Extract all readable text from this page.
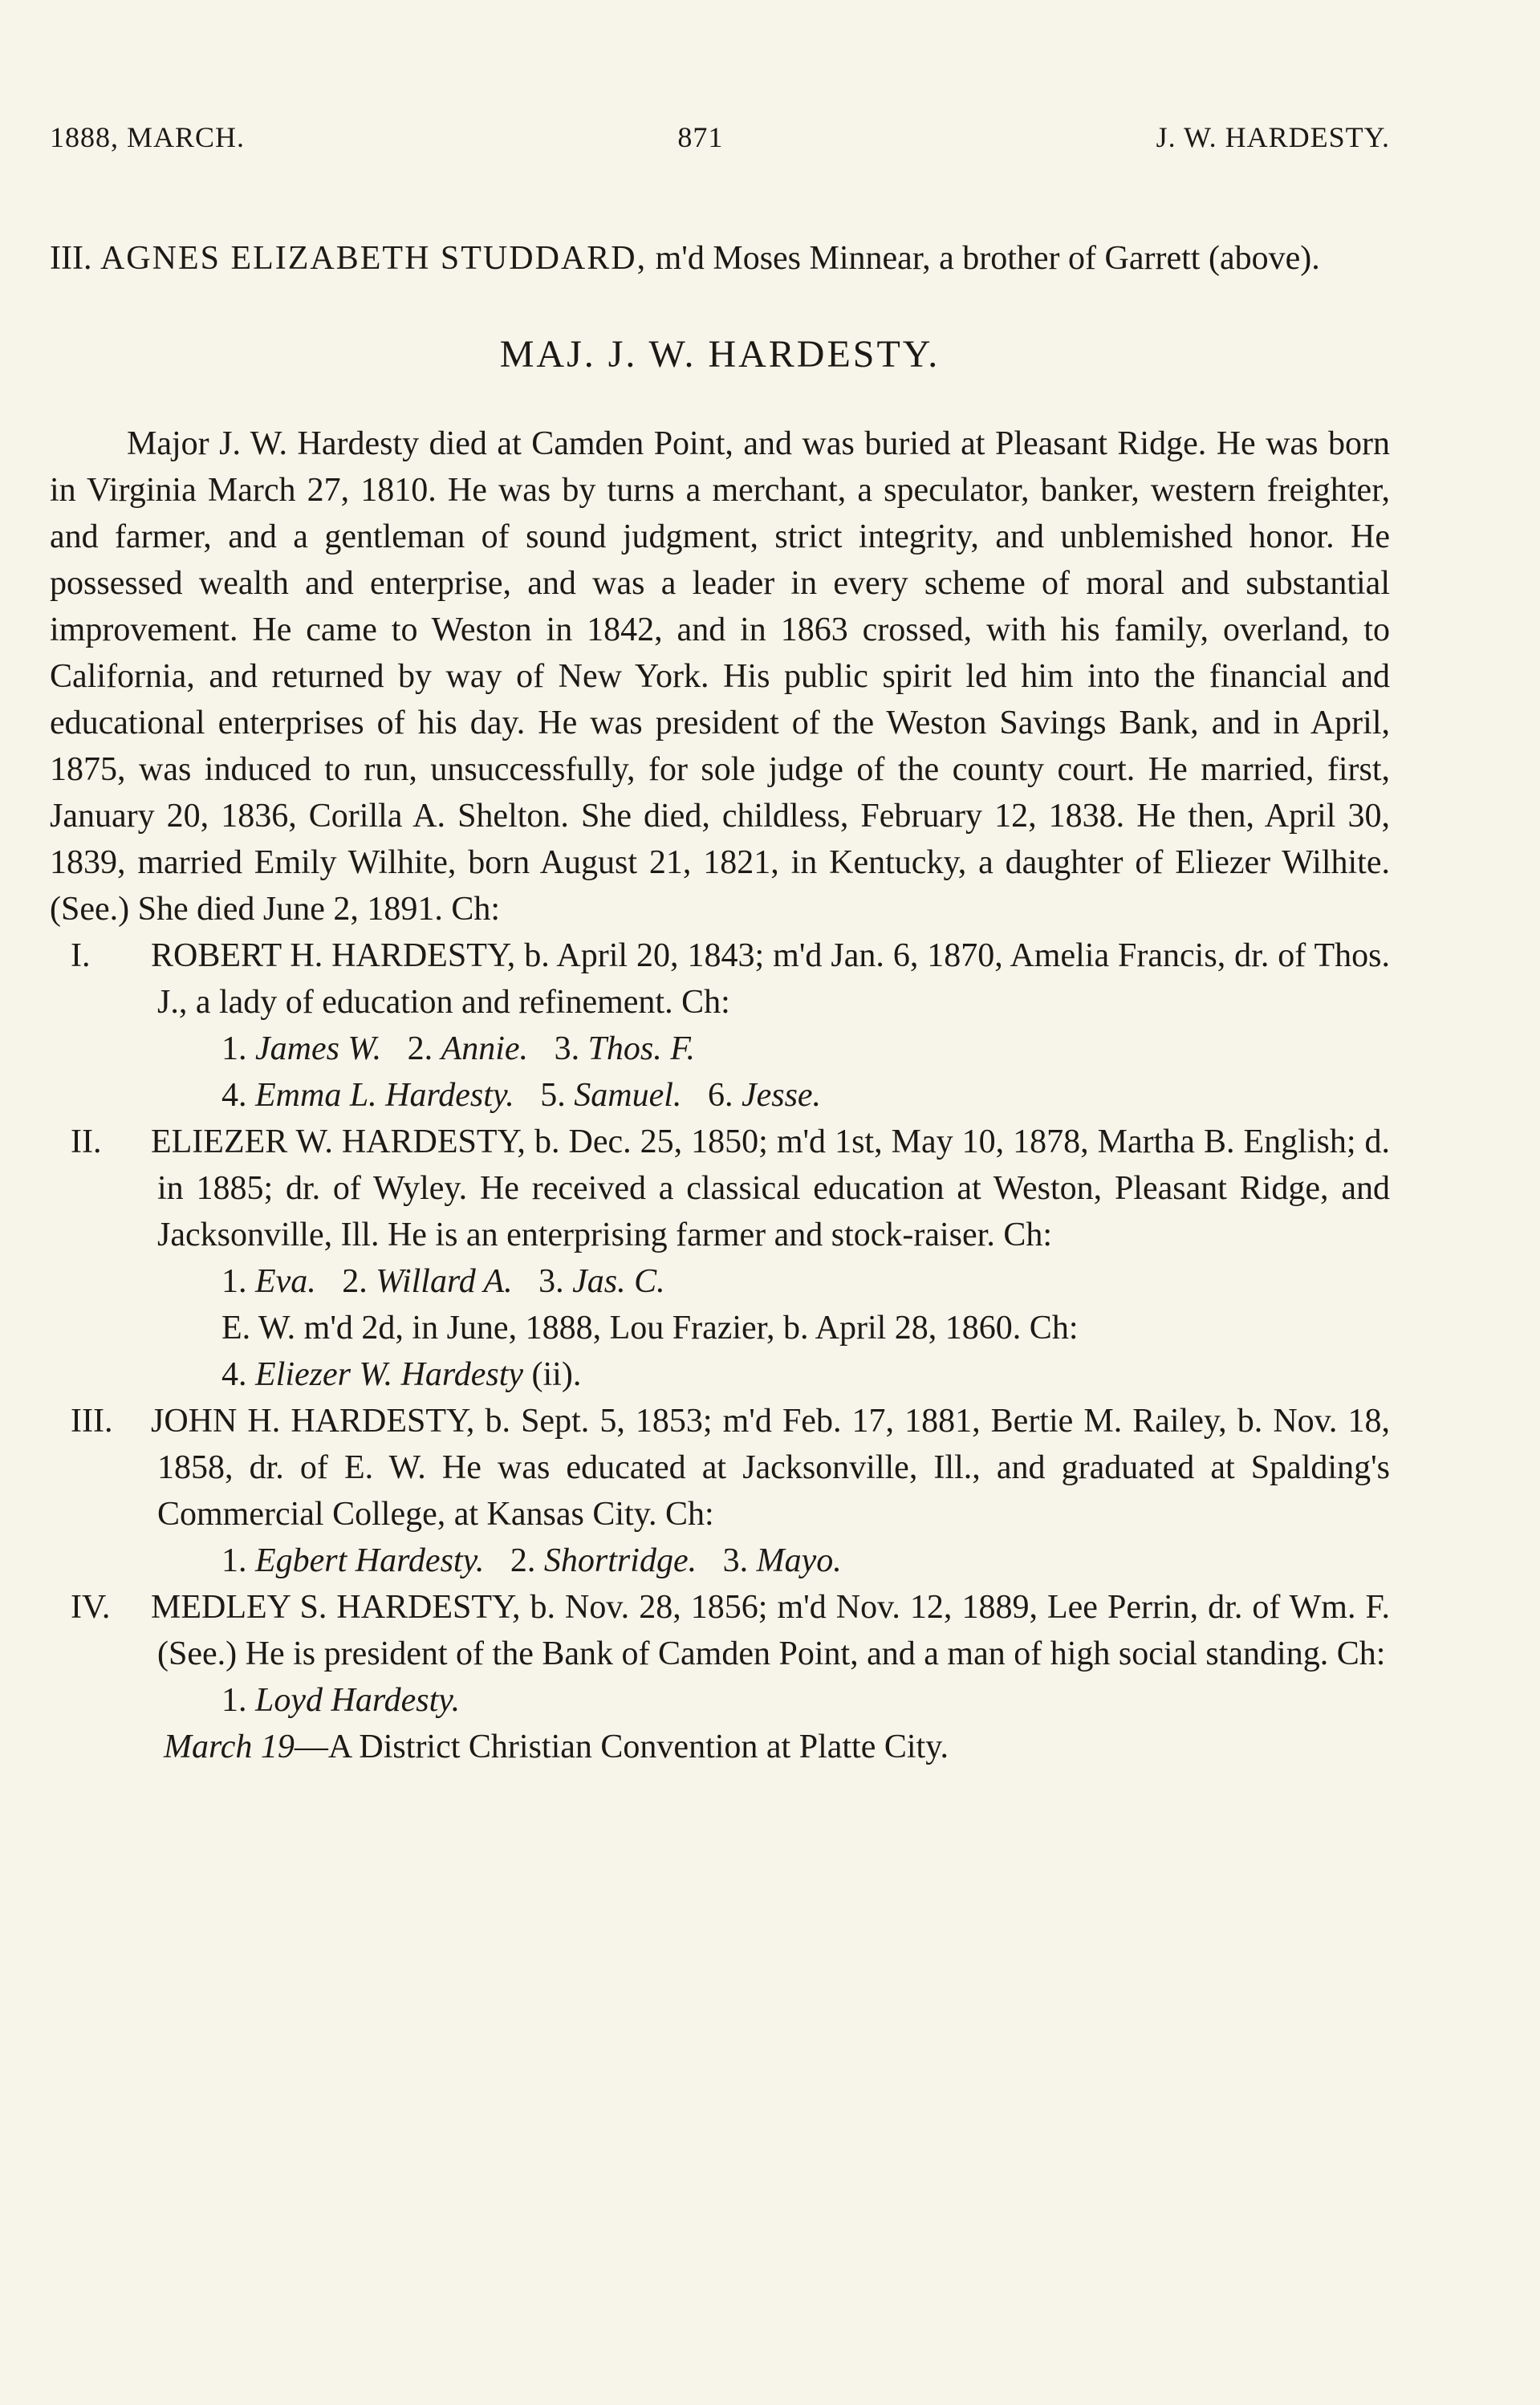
1888, MARCH.	871	J. W. HARDESTY.
III. AGNES ELIZABETH STUDDARD, m'd Moses Minnear, a brother of Garrett (above).
MAJ. J. W. HARDESTY.
Major J. W. Hardesty died at Camden Point, and was buried at Pleasant Ridge. He was born in Virginia March 27, 1810. He was by turns a merchant, a speculator, banker, western freighter, and farmer, and a gentleman of sound judgment, strict integrity, and unblemished honor. He possessed wealth and enterprise, and was a leader in every scheme of moral and substantial improvement. He came to Weston in 1842, and in 1863 crossed, with his family, overland, to California, and returned by way of New York. His public spirit led him into the financial and educational enterprises of his day. He was president of the Weston Savings Bank, and in April, 1875, was induced to run, unsuccessfully, for sole judge of the county court. He married, first, January 20, 1836, Corilla A. Shelton. She died, childless, February 12, 1838. He then, April 30, 1839, married Emily Wilhite, born August 21, 1821, in Kentucky, a daughter of Eliezer Wilhite. (See.) She died June 2, 1891. Ch:
I. ROBERT H. HARDESTY, b. April 20, 1843; m'd Jan. 6, 1870, Amelia Francis, dr. of Thos. J., a lady of education and refinement. Ch:
1. James W. 2. Annie. 3. Thos. F.
4. Emma L. Hardesty. 5. Samuel. 6. Jesse.
II. ELIEZER W. HARDESTY, b. Dec. 25, 1850; m'd 1st, May 10, 1878, Martha B. English; d. in 1885; dr. of Wyley. He received a classical education at Weston, Pleasant Ridge, and Jacksonville, Ill. He is an enterprising farmer and stock-raiser. Ch:
1. Eva. 2. Willard A. 3. Jas. C.
E. W. m'd 2d, in June, 1888, Lou Frazier, b. April 28, 1860. Ch:
4. Eliezer W. Hardesty (ii).
III. JOHN H. HARDESTY, b. Sept. 5, 1853; m'd Feb. 17, 1881, Bertie M. Railey, b. Nov. 18, 1858, dr. of E. W. He was educated at Jacksonville, Ill., and graduated at Spalding's Commercial College, at Kansas City. Ch:
1. Egbert Hardesty. 2. Shortridge. 3. Mayo.
IV. MEDLEY S. HARDESTY, b. Nov. 28, 1856; m'd Nov. 12, 1889, Lee Perrin, dr. of Wm. F. (See.) He is president of the Bank of Camden Point, and a man of high social standing. Ch:
1. Loyd Hardesty.
March 19—A District Christian Convention at Platte City.
